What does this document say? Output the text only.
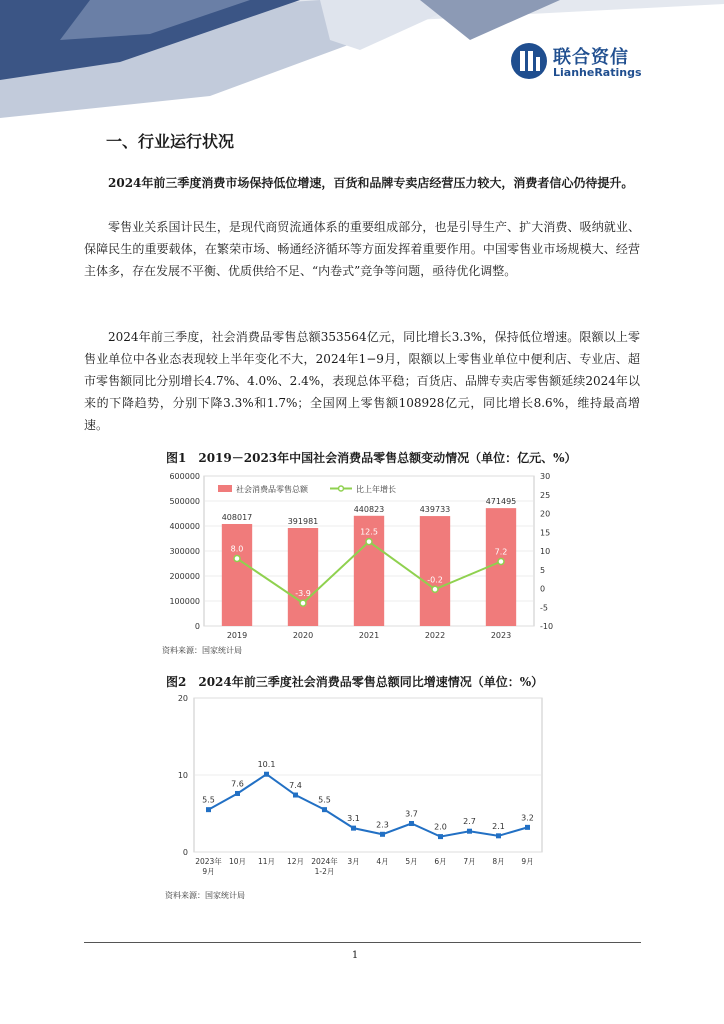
联合资信
LianheRatings
一、行业运行状况

2024年前三季度消费市场保持低位增速，百货和品牌专卖店经营压力较大，消费者信心仍待提升。

零售业关系国计民生，是现代商贸流通体系的重要组成部分，也是引导生产、扩大消费、吸纳就业、保障民生的重要载体，在繁荣市场、畅通经济循环等方面发挥着重要作用。中国零售业市场规模大、经营主体多，存在发展不平衡、优质供给不足、“内卷式”竞争等问题，亟待优化调整。

2024年前三季度，社会消费品零售总额353564亿元，同比增长3.3%，保持低位增速。限额以上零售业单位中各业态表现较上半年变化不大，2024年1−9月，限额以上零售业单位中便利店、专业店、超市零售额同比分别增长4.7%、4.0%、2.4%，表现总体平稳；百货店、品牌专卖店零售额延续2024年以来的下降趋势，分别下降3.3%和1.7%；全国网上零售额108928亿元，同比增长8.6%，维持最高增速。

图1　2019－2023年中国社会消费品零售总额变动情况（单位：亿元、%）

0
100000
200000
300000
400000
500000
600000
-10
-5
0
5
10
15
20
25
30
408017
2019
391981
2020
440823
2021
439733
2022
471495
2023
8.0
-3.9
12.5
-0.2
7.2
社会消费品零售总额	比上年增长
资料来源：国家统计局

图2　2024年前三季度社会消费品零售总额同比增速情况（单位：%）

0
10
20
5.5
2023年
9月
7.6
10月
10.1
11月
7.4
12月
5.5
2024年
1-2月
3.1
3月
2.3
4月
3.7
5月
2.0
6月
2.7
7月
2.1
8月
3.2
9月
资料来源：国家统计局
1
